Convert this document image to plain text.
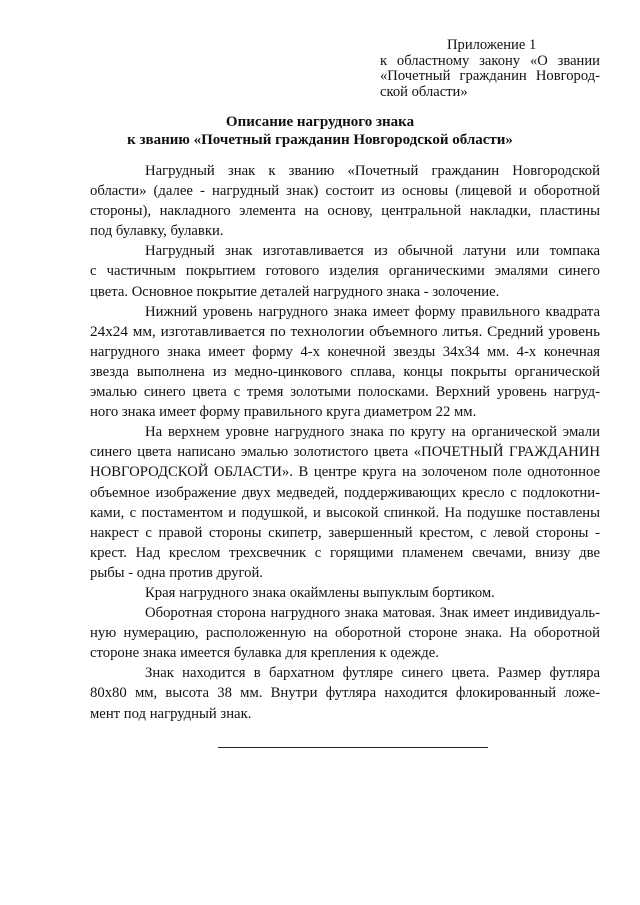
Приложение 1
к областному закону «О звании
«Почетный гражданин Новгород-
ской области»
Описание нагрудного знака
к званию «Почетный гражданин Новгородской области»
Нагрудный знак к званию «Почетный гражданин Новгородской
области» (далее - нагрудный знак) состоит из основы (лицевой и оборотной
стороны), накладного элемента на основу, центральной накладки, пластины
под булавку, булавки.
Нагрудный знак изготавливается из обычной латуни или томпака
с частичным покрытием готового изделия органическими эмалями синего
цвета. Основное покрытие деталей нагрудного знака - золочение.
Нижний уровень нагрудного знака имеет форму правильного квадрата
24x24 мм, изготавливается по технологии объемного литья. Средний уровень
нагрудного знака имеет форму 4-х конечной звезды 34x34 мм. 4-х конечная
звезда выполнена из медно-цинкового сплава, концы покрыты органической
эмалью синего цвета с тремя золотыми полосками. Верхний уровень нагруд-
ного знака имеет форму правильного круга диаметром 22 мм.
На верхнем уровне нагрудного знака по кругу на органической эмали
синего цвета написано эмалью золотистого цвета «ПОЧЕТНЫЙ ГРАЖДАНИН
НОВГОРОДСКОЙ ОБЛАСТИ». В центре круга на золоченом поле однотонное
объемное изображение двух медведей, поддерживающих кресло с подлокотни-
ками, с постаментом и подушкой, и высокой спинкой. На подушке поставлены
накрест с правой стороны скипетр, завершенный крестом, с левой стороны -
крест. Над креслом трехсвечник с горящими пламенем свечами, внизу две
рыбы - одна против другой.
Края нагрудного знака окаймлены выпуклым бортиком.
Оборотная сторона нагрудного знака матовая. Знак имеет индивидуаль-
ную нумерацию, расположенную на оборотной стороне знака. На оборотной
стороне знака имеется булавка для крепления к одежде.
Знак находится в бархатном футляре синего цвета. Размер футляра
80x80 мм, высота 38 мм. Внутри футляра находится флокированный ложе-
мент под нагрудный знак.
